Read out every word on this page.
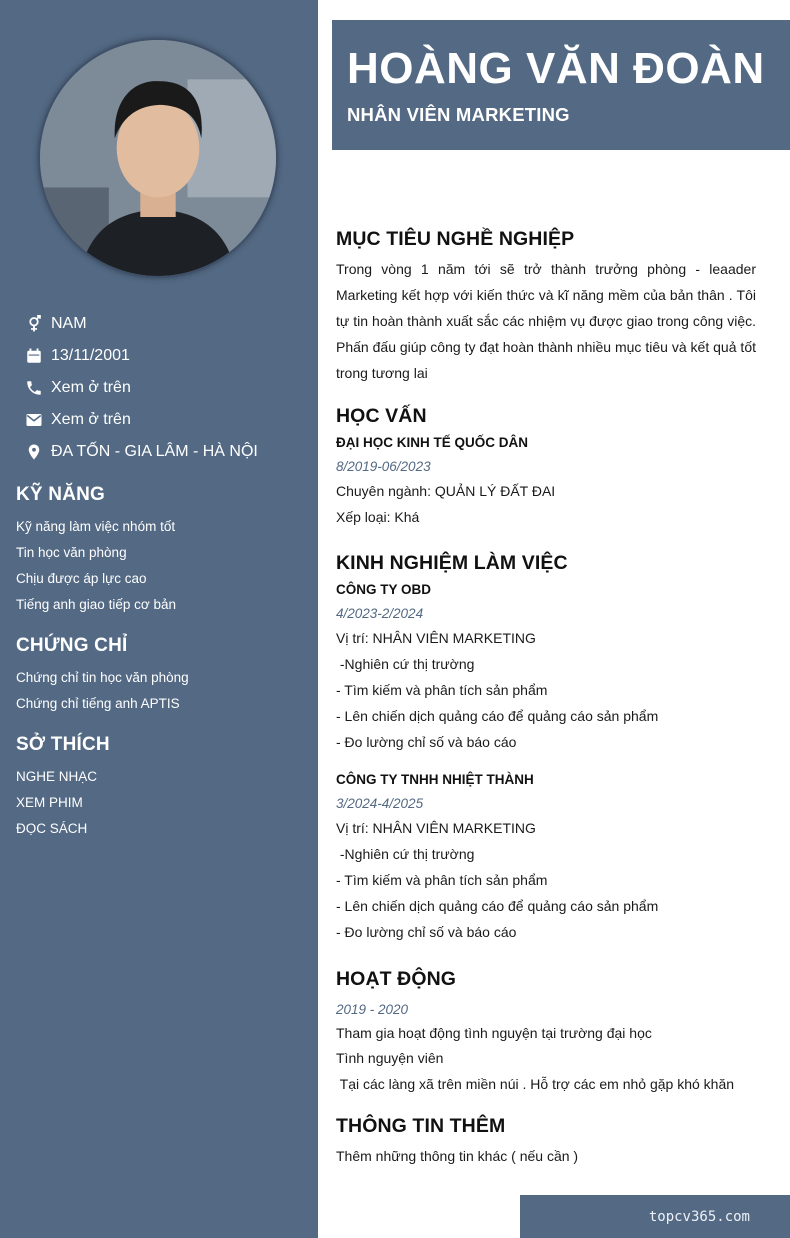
NAM
13/11/2001
Xem ở trên
Xem ở trên
ĐA TỐN - GIA LÂM - HÀ NỘI
KỸ NĂNG
Kỹ năng làm việc nhóm tốt
Tin học văn phòng
Chịu được áp lực cao
Tiếng anh giao tiếp cơ bản
CHỨNG CHỈ
Chứng chỉ tin học văn phòng
Chứng chỉ tiếng anh APTIS
SỞ THÍCH
NGHE NHẠC
XEM PHIM
ĐỌC SÁCH
HOÀNG VĂN ĐOÀN
NHÂN VIÊN MARKETING
MỤC TIÊU NGHỀ NGHIỆP
Trong vòng 1 năm tới sẽ trở thành trưởng phòng - leaader Marketing kết hợp với kiến thức và kĩ năng mềm của bản thân . Tôi tự tin hoàn thành xuất sắc các nhiệm vụ được giao trong công việc. Phấn đấu giúp công ty đạt hoàn thành nhiều mục tiêu và kết quả tốt trong tương lai
HỌC VẤN
ĐẠI HỌC KINH TẾ QUỐC DÂN
8/2019-06/2023
Chuyên ngành: QUẢN LÝ ĐẤT ĐAI
Xếp loại: Khá
KINH NGHIỆM LÀM VIỆC
CÔNG TY OBD
4/2023-2/2024
Vị trí: NHÂN VIÊN MARKETING
-Nghiên cứ thị trường
- Tìm kiếm và phân tích sản phẩm
- Lên chiến dịch quảng cáo để quảng cáo sản phẩm
- Đo lường chỉ số và báo cáo
CÔNG TY TNHH NHIỆT THÀNH
3/2024-4/2025
Vị trí: NHÂN VIÊN MARKETING
-Nghiên cứ thị trường
- Tìm kiếm và phân tích sản phẩm
- Lên chiến dịch quảng cáo để quảng cáo sản phẩm
- Đo lường chỉ số và báo cáo
HOẠT ĐỘNG
2019 - 2020
Tham gia hoạt động tình nguyện tại trường đại học
Tình nguyện viên
Tại các làng xã trên miền núi . Hỗ trợ các em nhỏ gặp khó khăn
THÔNG TIN THÊM
Thêm những thông tin khác ( nếu cần )
topcv365.com
